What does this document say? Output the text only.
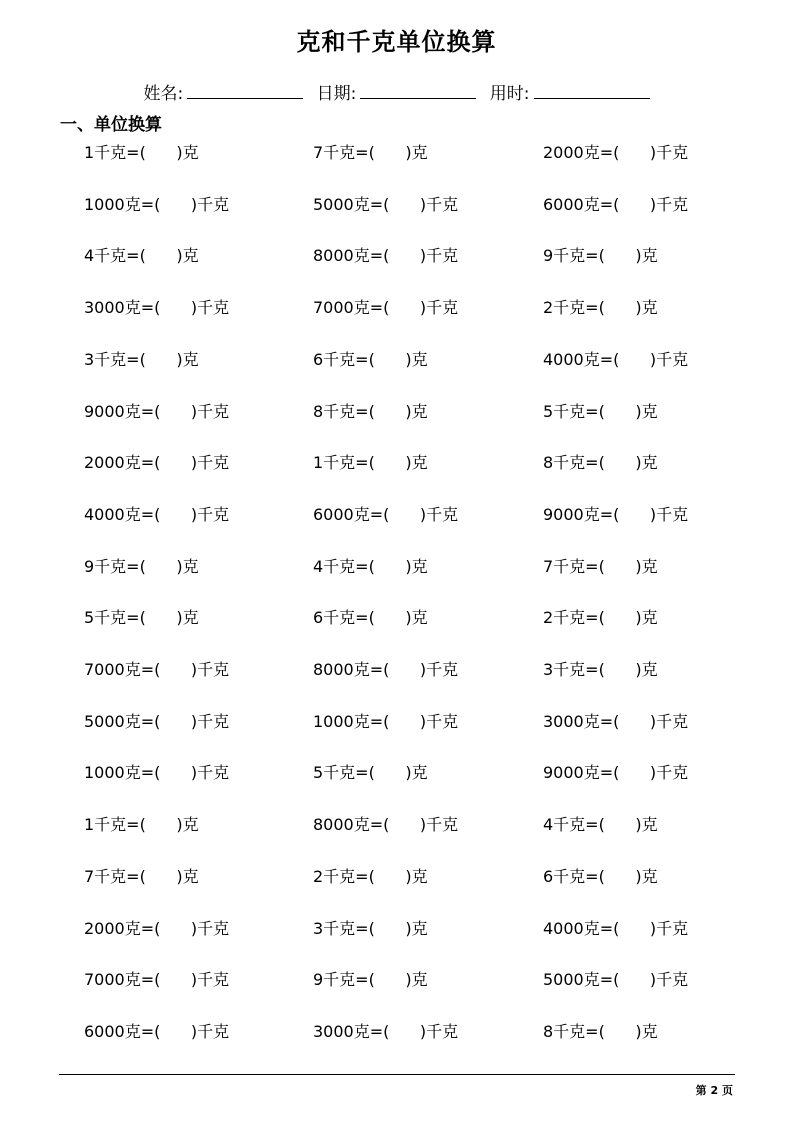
克和千克单位换算
姓名:	日期:	用时:
一、单位换算
1千克=(      )克	7千克=(      )克	2000克=(      )千克
1000克=(      )千克	5000克=(      )千克	6000克=(      )千克
4千克=(      )克	8000克=(      )千克	9千克=(      )克
3000克=(      )千克	7000克=(      )千克	2千克=(      )克
3千克=(      )克	6千克=(      )克	4000克=(      )千克
9000克=(      )千克	8千克=(      )克	5千克=(      )克
2000克=(      )千克	1千克=(      )克	8千克=(      )克
4000克=(      )千克	6000克=(      )千克	9000克=(      )千克
9千克=(      )克	4千克=(      )克	7千克=(      )克
5千克=(      )克	6千克=(      )克	2千克=(      )克
7000克=(      )千克	8000克=(      )千克	3千克=(      )克
5000克=(      )千克	1000克=(      )千克	3000克=(      )千克
1000克=(      )千克	5千克=(      )克	9000克=(      )千克
1千克=(      )克	8000克=(      )千克	4千克=(      )克
7千克=(      )克	2千克=(      )克	6千克=(      )克
2000克=(      )千克	3千克=(      )克	4000克=(      )千克
7000克=(      )千克	9千克=(      )克	5000克=(      )千克
6000克=(      )千克	3000克=(      )千克	8千克=(      )克
第 2 页
